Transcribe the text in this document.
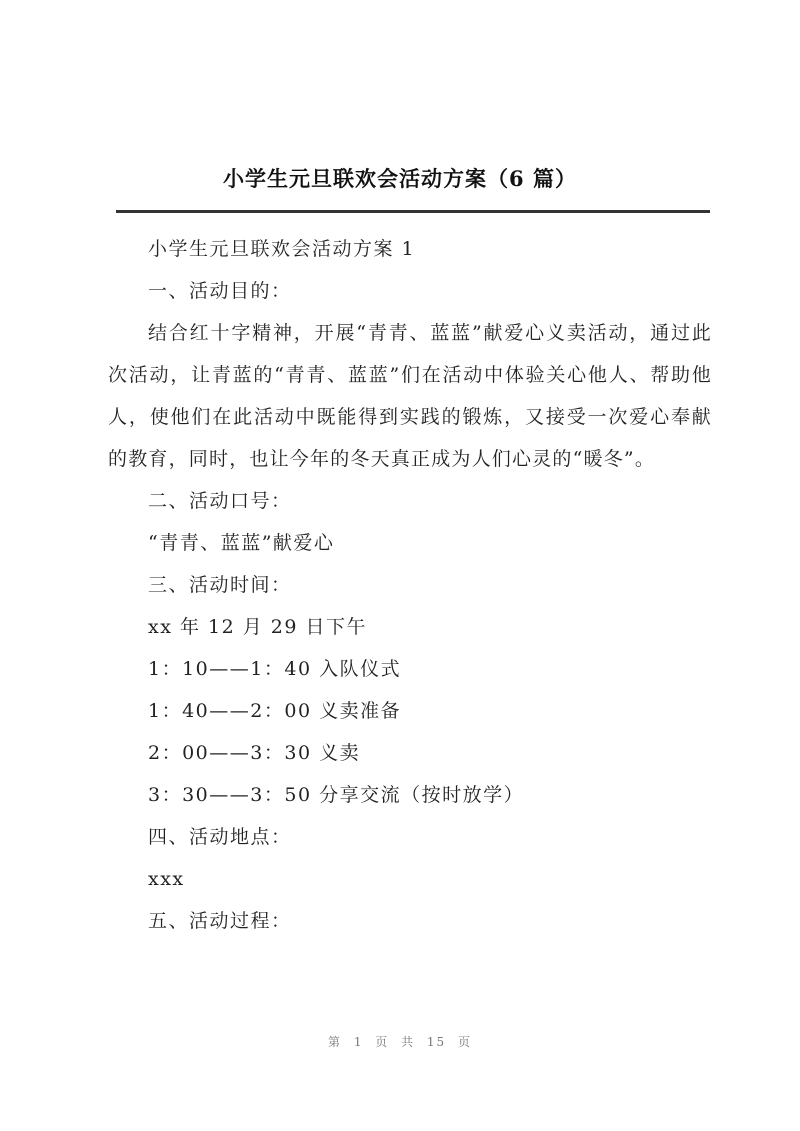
小学生元旦联欢会活动方案（6 篇）

小学生元旦联欢会活动方案 1

一、活动目的：

结合红十字精神，开展“青青、蓝蓝”献爱心义卖活动，通过此次活动，让青蓝的“青青、蓝蓝”们在活动中体验关心他人、帮助他人，使他们在此活动中既能得到实践的锻炼，又接受一次爱心奉献的教育，同时，也让今年的冬天真正成为人们心灵的“暖冬”。

二、活动口号：

“青青、蓝蓝”献爱心

三、活动时间：

xx 年 12 月 29 日下午

1：10——1：40 入队仪式

1：40——2：00 义卖准备

2：00——3：30 义卖

3：30——3：50 分享交流（按时放学）

四、活动地点：

xxx

五、活动过程：

第 1 页 共 15 页
